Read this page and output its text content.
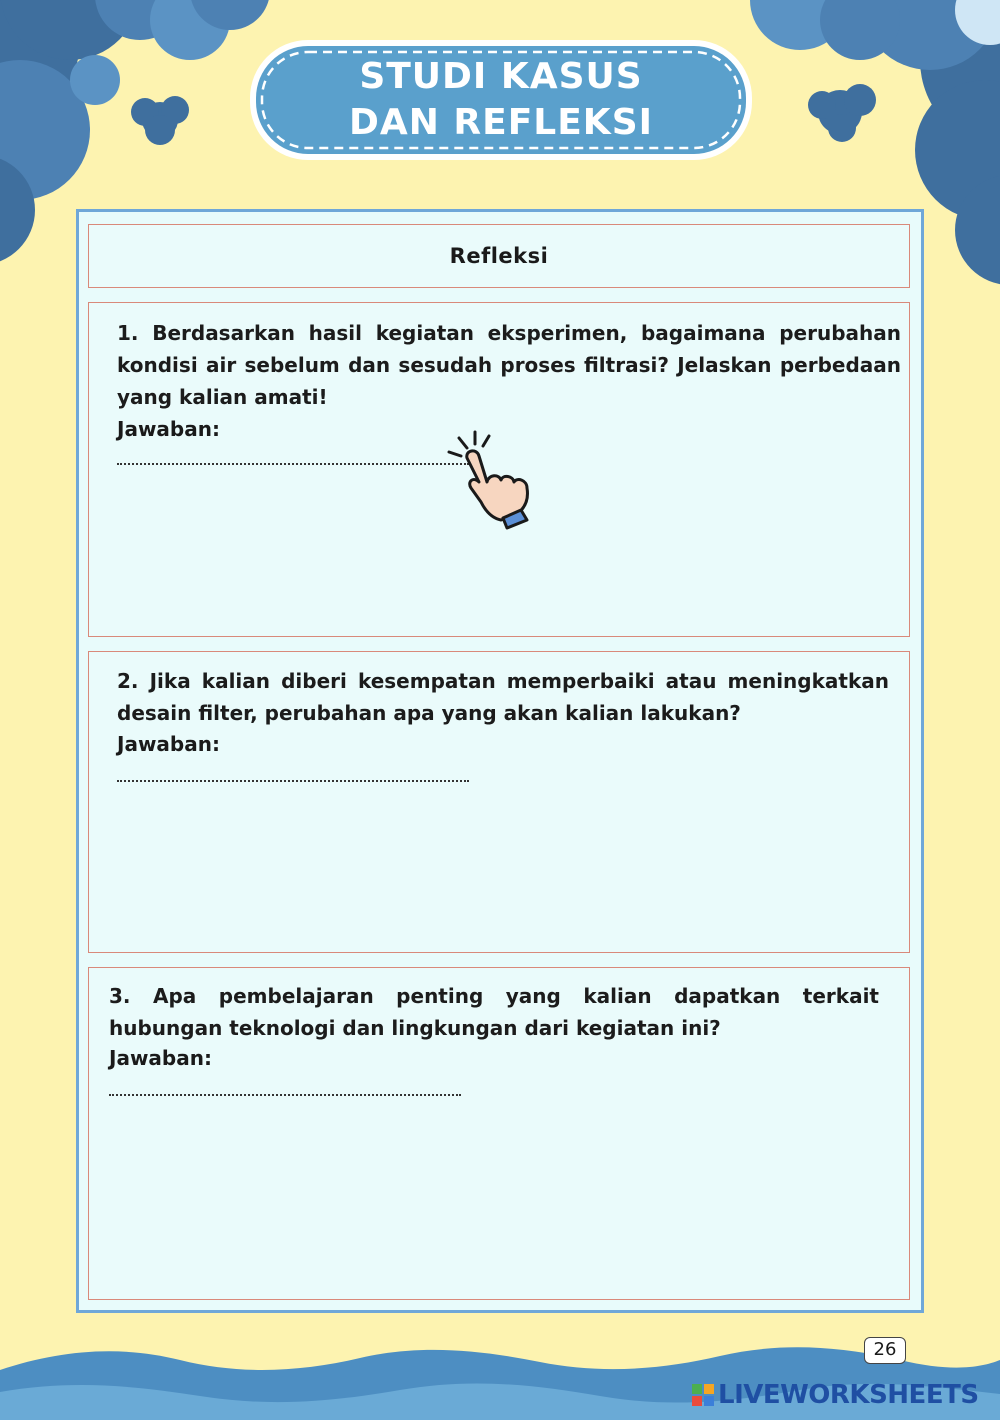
STUDI KASUS
DAN REFLEKSI
Refleksi
1. Berdasarkan hasil kegiatan eksperimen, bagaimana perubahan kondisi air sebelum dan sesudah proses filtrasi? Jelaskan perbedaan yang kalian amati!
Jawaban:
2. Jika kalian diberi kesempatan memperbaiki atau meningkatkan desain filter, perubahan apa yang akan kalian lakukan?
Jawaban:
3. Apa pembelajaran penting yang kalian dapatkan terkait hubungan teknologi dan lingkungan dari kegiatan ini?
Jawaban:
26
LIVEWORKSHEETS
